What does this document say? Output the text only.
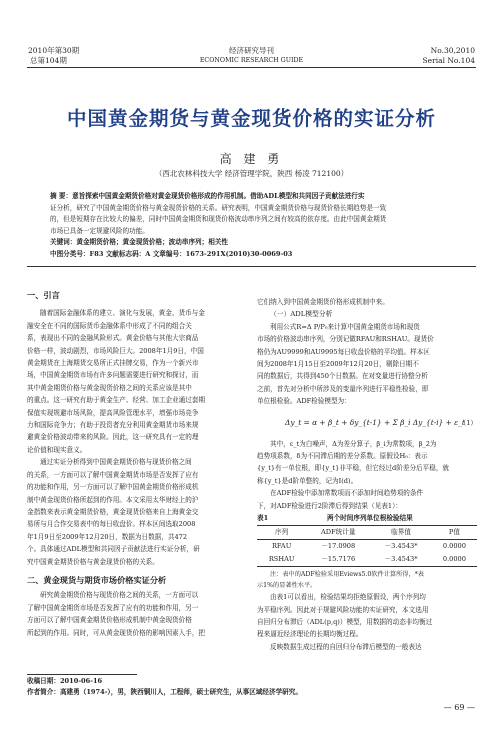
2010年第30期
总第104期
经济研究导刊
ECONOMIC RESEARCH GUIDE
No.30,2010
Serial No.104
中国黄金期货与黄金现货价格的实证分析
高 建 勇
（西北农林科技大学 经济管理学院，陕西 杨凌 712100）
摘 要：意旨探索中国黄金期货价格对黄金现货价格形成的作用机制。借助ADL模型和共同因子贡献法进行实
证分析，研究了中国黄金期货价格与黄金现货价格的关系。研究表明，中国黄金期货价格与现货价格长期趋势是一致
的，但是短期存在比较大的偏差，同时中国黄金期货和现货价格波动串序列之间有较高的依存度。由此中国黄金期货
市场已具备一定规避风险的功能。
关键词：黄金期货价格；黄金现货价格；波动串序列；相关性
中图分类号：F83 文献标志码：A 文章编号：1673-291X(2010)30-0069-03
一、引言
随着国际金融体系的建立、演化与发展，黄金、货币与金
融安全在不同的国际货币金融体系中形成了不同的组合关
系，表现出不同的金融风险形式。黄金价格与其他大宗商品
价格一样，波动剧烈，市场风险巨大。2008年1月9日，中国
黄金期货在上海期货交易所正式挂牌交易，作为一个新兴市
场，中国黄金期货市场有许多问题需要进行研究和探讨，而
其中黄金期货价格与黄金现货价格之间的关系应该是其中
的重点。这一研究有助于黄金生产、经营、加工企业通过套期
保值实现规避市场风险，提高风险管理水平，增强市场竞争
力和国际竞争力；有助于投资者充分利用黄金期货市场来规
避黄金价格波动带来的风险。因此，这一研究具有一定的理
论价值和现实意义。
通过实证分析得到中国黄金期货价格与现货价格之间
的关系，一方面可以了解中国黄金期货市场是否发挥了应有
的功能和作用，另一方面可以了解中国黄金期货价格形成机
制中黄金现货价格所起到的作用。本文采用太华财经上的沪
金指数来表示黄金期货价格，黄金现货价格来自上海黄金交
易所与月合作交易表中的每日收盘价。样本区间选取2008
年1月9日至2009年12月20日，数据为日数据，共472
个。具体通过ADL模型和共同因子贡献法进行实证分析，研
究中国黄金期货价格与黄金现货价格的关系。
二、黄金现货与期货市场价格实证分析
研究黄金期货价格与现货价格之间的关系，一方面可以
了解中国黄金期货市场是否发挥了应有的功能和作用，另一
方面可以了解中国黄金期货价格形成机制中黄金现货价格
所起到的作用。同时，可从黄金现货价格的影响因素入手，把
收稿日期：2010-06-16
作者简介：高建勇（1974-），男，陕西铜川人，工程师，硕士研究生，从事区域经济学研究。
它们纳入到中国黄金期货价格形成机制中来。
（一）ADL模型分析
利用公式R=Δ P/P₀来计算中国黄金期货市场和现货
市场的价格波动串序列，分别记做RFAU和RSHAU。现货价
格仍为AU9999和AU9995每日收盘价格的平均值。样本区
间为2008年1月15日至2009年12月20日，剔除日期不
同的数据后，共得到450个日数据。在对变量进行协整分析
之前，首先对分析中所涉及的变量序列进行平稳性检验，即
单位根检验。ADF检验模型为：
Δy_t = α + β_t + δy_{t-1} + Σ β_i Δy_{t-i} + ε_t
（1）
其中，ε_t为白噪声，Δ为差分算子，β_i为常数项，β_2为
趋势项系数，δ为不同滞后期的差分系数。原假设H₀：表示
{y_t}有一单位根，即{y_t}非平稳，但它经过d阶差分后平稳，就
称{y_t}是d阶单整的，记为I(d)。
在ADF检验中添加常数项而不添加时间趋势项的条件
下，对ADF检验进行2阶滞后得到结果（见表1）：
表1	两个时间序列单位根检验结果
序列	ADF统计量	临界值	P值
RFAU	－17.0908	－3.4543*	0.0000
RSHAU	－15.7176	－3.4543*	0.0000
注：表中的ADF检验采用Eviews5.0软件计算所得，*表
示1%的显著性水平。
由表1可以看出，检验结果均拒绝原假设，两个序列均
为平稳序列。因此对于规避风险功能的实证研究，本文选用
自回归分布滞后（ADL(p,q)）模型，用数据的动态非均衡过
程来逼近经济理论的长期均衡过程。
反映数据生成过程的自回归分布滞后模型的一般表达
— 69 —
